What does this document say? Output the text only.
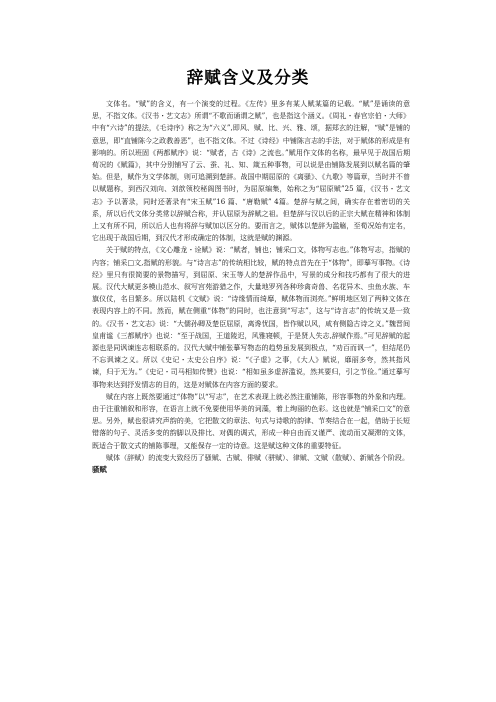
辞赋含义及分类

文体名。“赋”的含义，有一个演变的过程。《左传》里多有某人赋某篇的记载。“赋”是诵读的意思，不指文体。《汉书・艺文志》所谓“不歌而诵谓之赋”，也是指这个涵义。《周礼・春官宗伯・大师》中有“六诗”的提法，《毛诗序》称之为“六义”,即风、赋、比、兴、雅、颂，据郑玄的注解，“赋”是铺的意思，即“直铺陈今之政教善恶”，也不指文体。不过《诗经》中铺陈言志的手法，对于赋体的形成是有影响的。所以班固《两都赋序》说：“赋者，古《诗》之流也。”赋用作文体的名称，最早见于战国后期荀况的《赋篇》，其中分别铺写了云、蚕、礼、知、箴五种事物，可以说是由铺陈发展到以赋名篇的肇始。但是，赋作为文学体制，则可追溯到楚辞。战国中期屈原的《离骚》、《九歌》等篇章，当时并不曾以赋题称，到西汉刘向、刘歆领校秘阁图书时，为屈原编集，始称之为“屈原赋”25 篇，《汉书・艺文志》予以著录，同时还著录有“宋玉赋”16 篇、“唐勒赋” 4篇。楚辞与赋之间，确实存在着密切的关系，所以后代文体分类常以辞赋合称，并认屈原为辞赋之祖。但楚辞与汉以后的正宗大赋在精神和体制上又有所不同，所以后人也有将辞与赋加以区分的。要而言之，赋体以楚辞为滥觞，至荀况始有定名，它出现于战国后期，到汉代才形成确定的体制，这就是赋的渊源。

关于赋的特点，《文心雕龙・诠赋》说：“赋者，铺也；铺采□文，体物写志也。”体物写志，指赋的内容；铺采□文,指赋的形貌。与“诗言志”的传统相比较，赋的特点首先在于“体物”，即摹写事物。《诗经》里只有很简要的景物描写，到屈原、宋玉等人的楚辞作品中，写景的成分和技巧都有了很大的进展。汉代大赋更多模山范水、叙写宫苑游猎之作，大量地罗列各种珍禽奇兽、名花异木、虫鱼水族、车旗仪仗，名目繁多。所以陆机《文赋》说：“诗缘情而绮靡，赋体物而浏亮。”鲜明地区划了两种文体在表现内容上的不同。然而，赋在侧重“体物”的同时，也注意到“写志”，这与“诗言志”的传统又是一致的。《汉书・艺文志》说：“大儒孙卿及楚臣屈原，离谗忧国，皆作赋以风，咸有侧隐古诗之义。”魏晋间皇甫谧《三都赋序》也说：“至于战国，王道陵迟，风雅寝顿，于是贤人失志,辞赋作焉。”可见辞赋的起源也是同讽谏连志相联系的。汉代大赋中铺张摹写物态的趋势虽发展到极点，“劝百而讽一”，但结尾仍不忘讽谏之义。所以《史记・太史公自序》说：“《子虚》之事，《大人》赋说，靡丽多夸，然其指风谏，归于无为。”《史记・司马相如传赞》也说：“相如虽多虚辞滥说，然其要归，引之节俭。”通过摹写事物来达到抒发情志的目的，这是对赋体在内容方面的要求。

赋在内容上既然要通过“体物”以“写志”，在艺术表现上就必然注重铺陈，形容事物的外象和内理。由于注重铺叙和形容，在语言上就不免要使用华美的词藻，着上绚丽的色彩。这也就是“铺采□文”的意思。另外，赋也很讲究声韵的美，它把散文的章法、句式与诗歌的韵律、节奏结合在一起，借助于长短错落的句子、灵活多变的韵脚以及排比、对偶的调式，形成一种自由而又谨严、流动而又凝滞的文体，既适合于散文式的铺陈事理，又能保存一定的诗意。这是赋这种文体的重要特征。

赋体（辞赋）的流变大致经历了骚赋、古赋、俳赋（骈赋）、律赋、文赋（散赋）、新赋各个阶段。

骚赋
